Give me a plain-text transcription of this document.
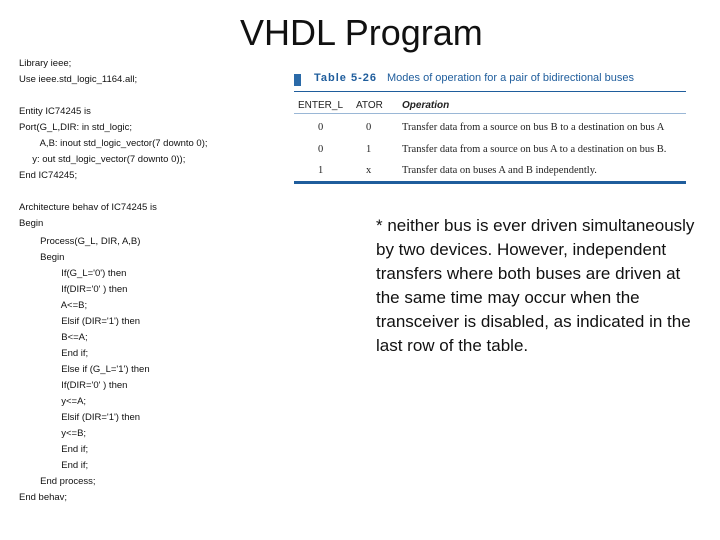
VHDL Program
Library ieee;
Use ieee.std_logic_1164.all;
Entity IC74245 is
Port(G_L,DIR: in std_logic;
A,B: inout std_logic_vector(7 downto 0);
y: out std_logic_vector(7 downto 0));
End IC74245;
Architecture behav of IC74245 is
Begin
Process(G_L, DIR, A,B)
Begin
If(G_L='0') then
If(DIR='0' ) then
A<=B;
Elsif (DIR='1') then
B<=A;
End if;
Else if (G_L='1') then
If(DIR='0' ) then
y<=A;
Elsif (DIR='1') then
y<=B;
End if;
End if;
End process;
End behav;
Table 5-26 Modes of operation for a pair of bidirectional buses
ENTER_L ATOR Operation
0	0	Transfer data from a source on bus B to a destination on bus A
0	1	Transfer data from a source on bus A to a destination on bus B.
1	x	Transfer data on buses A and B independently.
* neither bus is ever driven simultaneously by two devices. However, independent transfers where both buses are driven at the same time may occur when the transceiver is disabled, as indicated in the last row of the table.
